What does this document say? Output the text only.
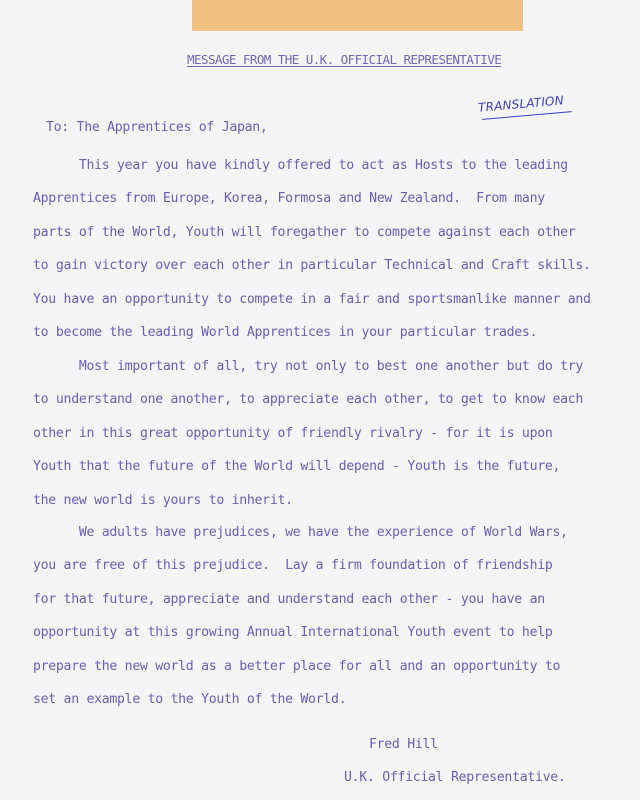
MESSAGE FROM THE U.K. OFFICIAL REPRESENTATIVE
TRANSLATION
To: The Apprentices of Japan,
This year you have kindly offered to act as Hosts to the leading
Apprentices from Europe, Korea, Formosa and New Zealand.  From many
parts of the World, Youth will foregather to compete against each other
to gain victory over each other in particular Technical and Craft skills.
You have an opportunity to compete in a fair and sportsmanlike manner and
to become the leading World Apprentices in your particular trades.
Most important of all, try not only to best one another but do try
to understand one another, to appreciate each other, to get to know each
other in this great opportunity of friendly rivalry - for it is upon
Youth that the future of the World will depend - Youth is the future,
the new world is yours to inherit.
We adults have prejudices, we have the experience of World Wars,
you are free of this prejudice.  Lay a firm foundation of friendship
for that future, appreciate and understand each other - you have an
opportunity at this growing Annual International Youth event to help
prepare the new world as a better place for all and an opportunity to
set an example to the Youth of the World.
Fred Hill
U.K. Official Representative.
